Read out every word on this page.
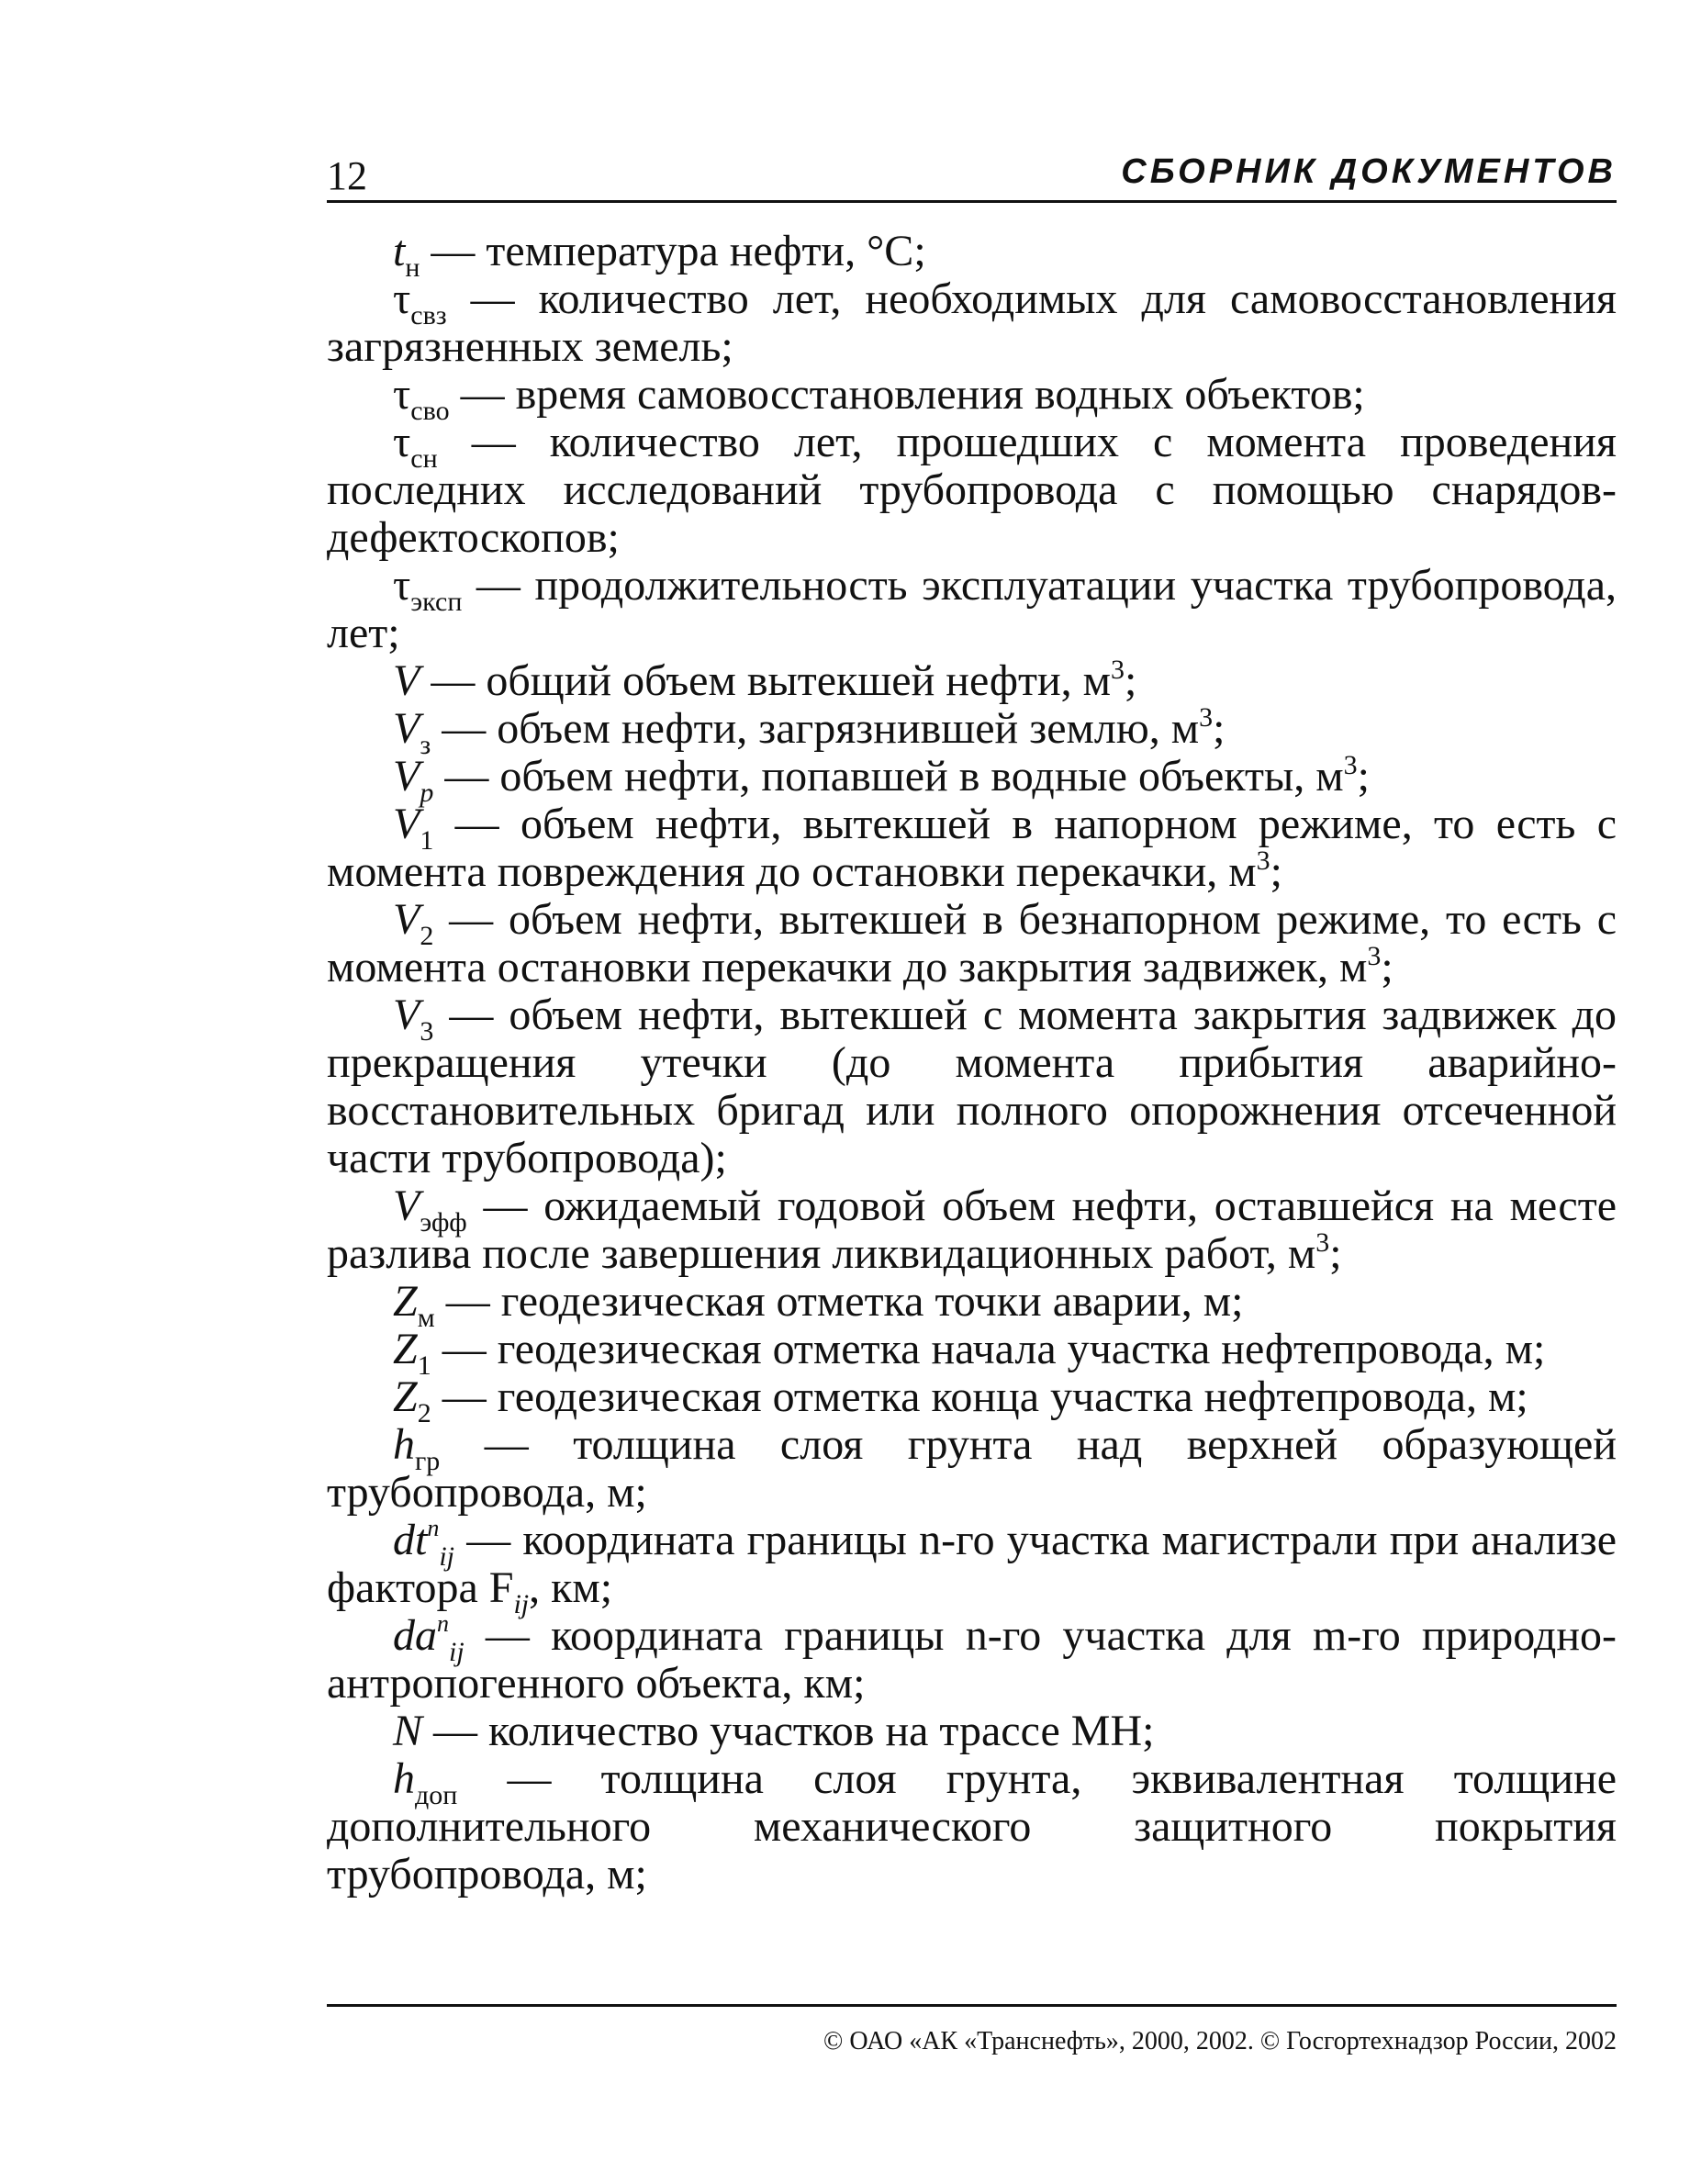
12	СБОРНИК ДОКУМЕНТОВ

$t_н$ — температура нефти, °С;

$\tau_{свз}$ — количество лет, необходимых для самовосстановления загрязненных земель;

$\tau_{сво}$ — время самовосстановления водных объектов;

$\tau_{сн}$ — количество лет, прошедших с момента проведения последних исследований трубопровода с помощью снарядов-дефектоскопов;

$\tau_{эксп}$ — продолжительность эксплуатации участка трубопровода, лет;

V — общий объем вытекшей нефти, $м^3$;

$V_з$ — объем нефти, загрязнившей землю, $м^3$;

$V_р$ — объем нефти, попавшей в водные объекты, $м^3$;

$V_1$ — объем нефти, вытекшей в напорном режиме, то есть с момента повреждения до остановки перекачки, $м^3$;

$V_2$ — объем нефти, вытекшей в безнапорном режиме, то есть с момента остановки перекачки до закрытия задвижек, $м^3$;

$V_3$ — объем нефти, вытекшей с момента закрытия задвижек до прекращения утечки (до момента прибытия аварийно-восстановительных бригад или полного опорожнения отсеченной части трубопровода);

$V_{эфф}$ — ожидаемый годовой объем нефти, оставшейся на месте разлива после завершения ликвидационных работ, $м^3$;

$Z_м$ — геодезическая отметка точки аварии, м;

$Z_1$ — геодезическая отметка начала участка нефтепровода, м;

$Z_2$ — геодезическая отметка конца участка нефтепровода, м;

$h_{гр}$ — толщина слоя грунта над верхней образующей трубопровода, м;

$dt^n_{ij}$ — координата границы n-го участка магистрали при анализе фактора $F_{ij}$, км;

$da^n_{ij}$ — координата границы n-го участка для m-го природно-антропогенного объекта, км;

N — количество участков на трассе МН;

$h_{доп}$ — толщина слоя грунта, эквивалентная толщине дополнительного механического защитного покрытия трубопровода, м;

© ОАО «АК «Транснефть», 2000, 2002. © Госгортехнадзор России, 2002
